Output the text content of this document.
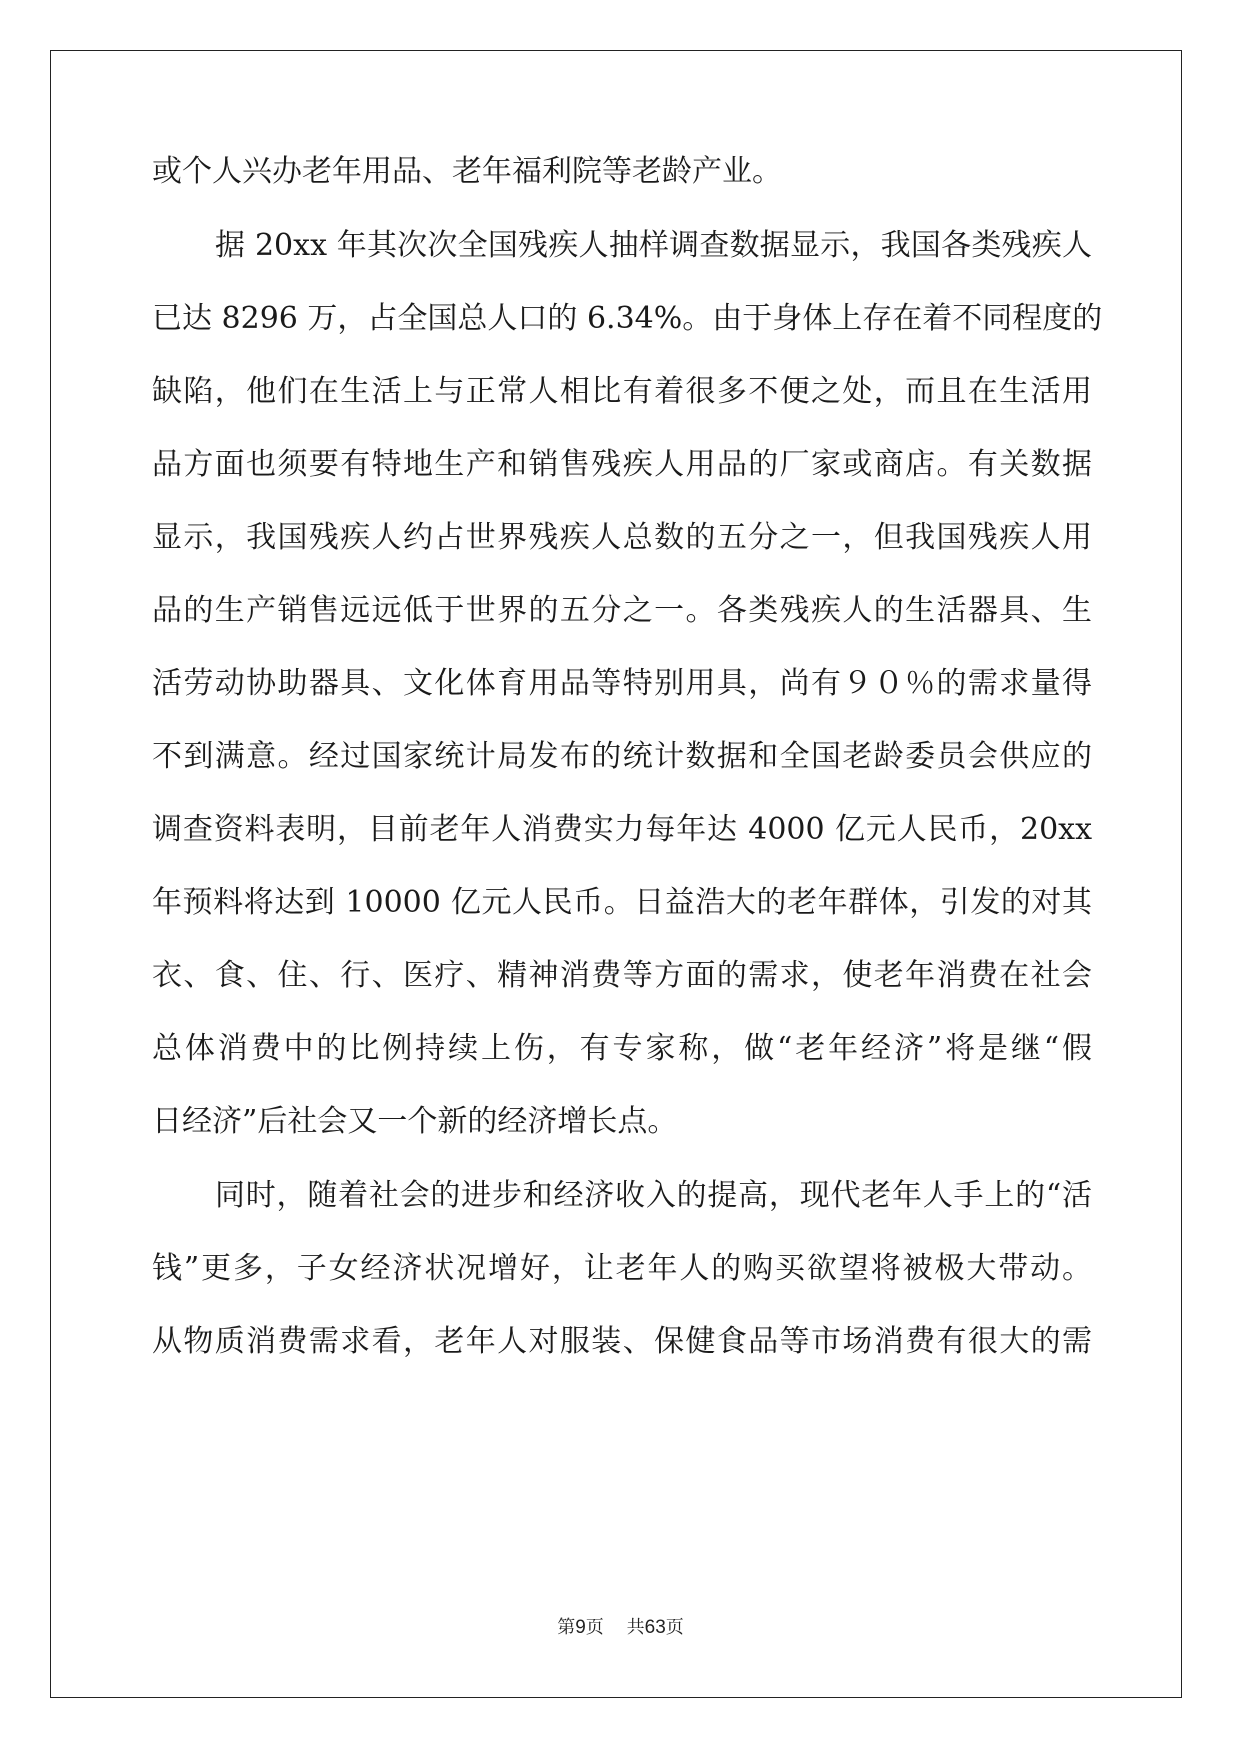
或个人兴办老年用品、老年福利院等老龄产业。
据 20xx 年其次次全国残疾人抽样调查数据显示，我国各类残疾人
已达 8296 万，占全国总人口的 6.34%。由于身体上存在着不同程度的
缺陷，他们在生活上与正常人相比有着很多不便之处，而且在生活用
品方面也须要有特地生产和销售残疾人用品的厂家或商店。有关数据
显示，我国残疾人约占世界残疾人总数的五分之一，但我国残疾人用
品的生产销售远远低于世界的五分之一。各类残疾人的生活器具、生
活劳动协助器具、文化体育用品等特别用具，尚有９０％的需求量得
不到满意。经过国家统计局发布的统计数据和全国老龄委员会供应的
调查资料表明，目前老年人消费实力每年达 4000 亿元人民币，20xx
年预料将达到 10000 亿元人民币。日益浩大的老年群体，引发的对其
衣、食、住、行、医疗、精神消费等方面的需求，使老年消费在社会
总体消费中的比例持续上伤，有专家称，做“老年经济”将是继“假
日经济”后社会又一个新的经济增长点。
同时，随着社会的进步和经济收入的提高，现代老年人手上的“活
钱”更多，子女经济状况增好，让老年人的购买欲望将被极大带动。
从物质消费需求看，老年人对服装、保健食品等市场消费有很大的需
第9页 共63页
